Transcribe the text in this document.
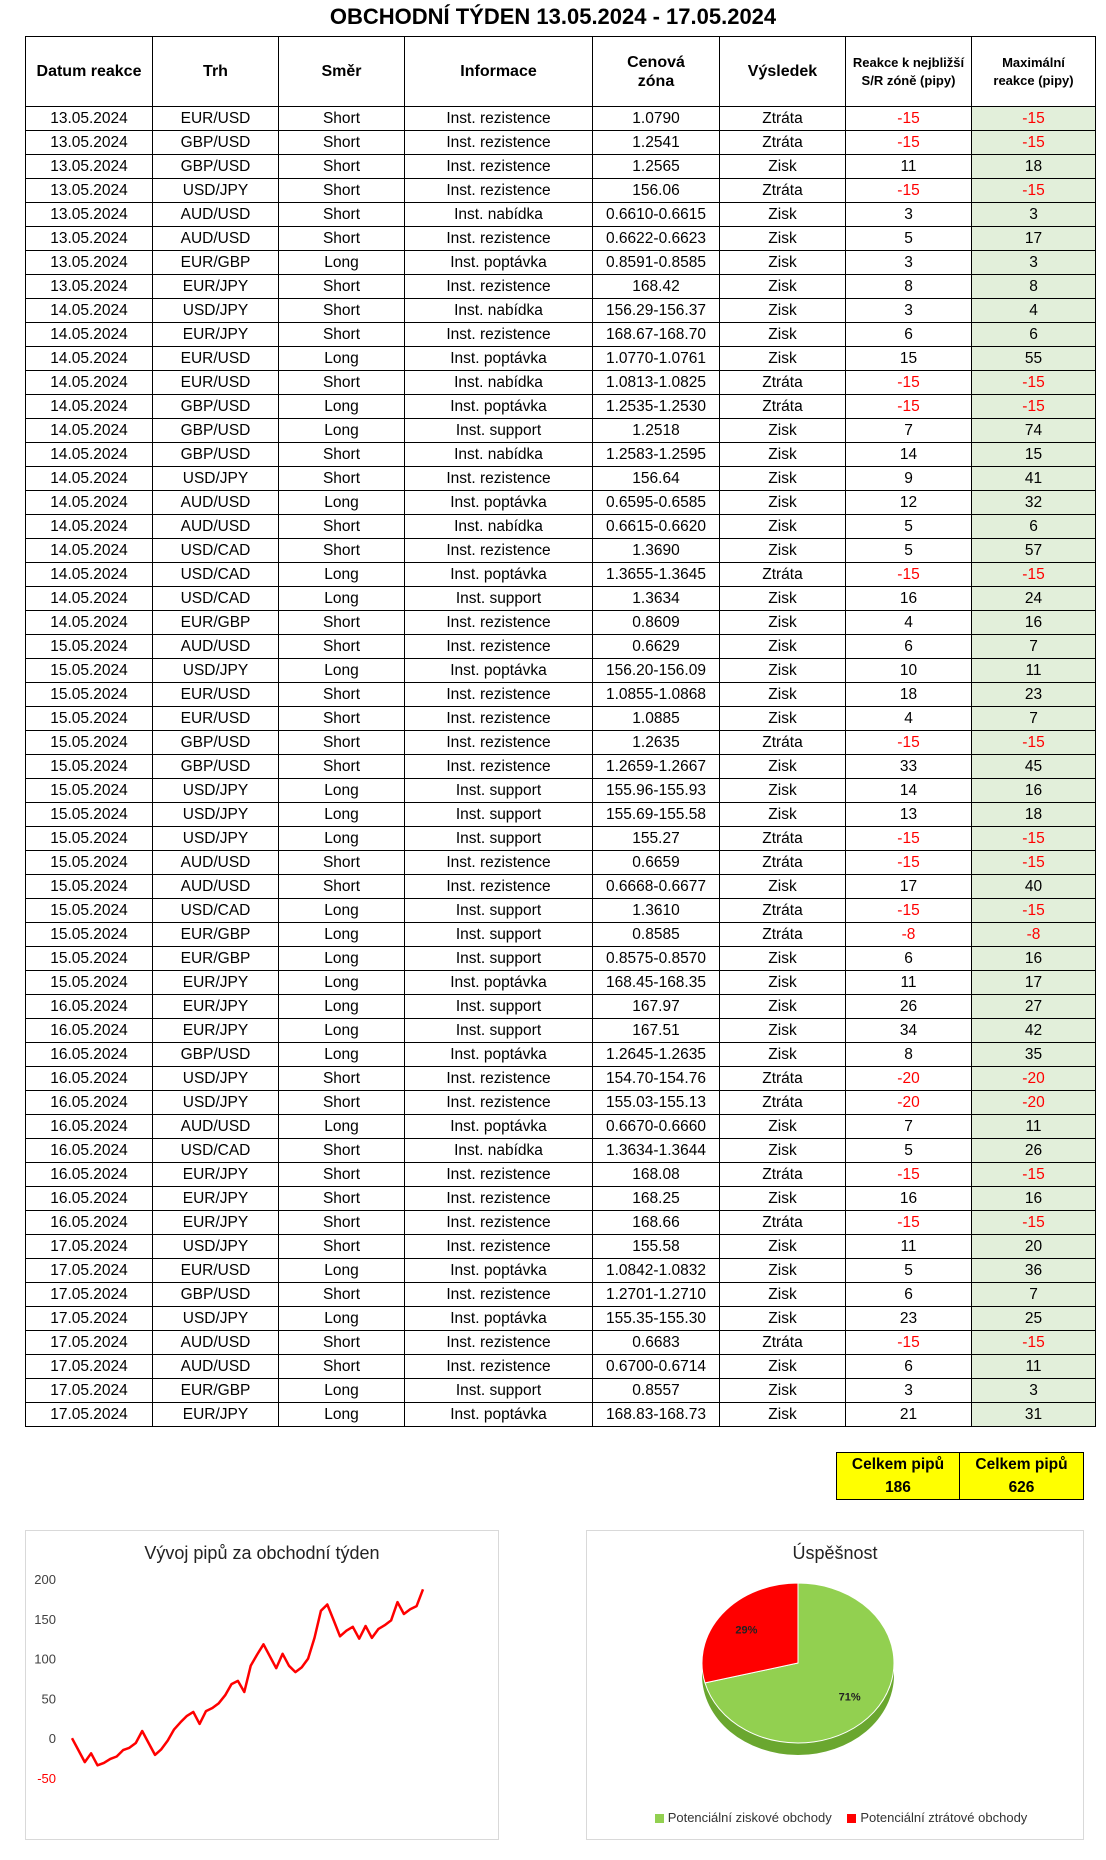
OBCHODNÍ TÝDEN 13.05.2024 - 17.05.2024
Datum reakce	Trh	Směr	Informace	Cenová zóna	Výsledek	Reakce k nejbližší S/R zóně (pipy)	Maximální reakce (pipy)
13.05.2024	EUR/USD	Short	Inst. rezistence	1.0790	Ztráta	-15	-15
13.05.2024	GBP/USD	Short	Inst. rezistence	1.2541	Ztráta	-15	-15
13.05.2024	GBP/USD	Short	Inst. rezistence	1.2565	Zisk	11	18
13.05.2024	USD/JPY	Short	Inst. rezistence	156.06	Ztráta	-15	-15
13.05.2024	AUD/USD	Short	Inst. nabídka	0.6610-0.6615	Zisk	3	3
13.05.2024	AUD/USD	Short	Inst. rezistence	0.6622-0.6623	Zisk	5	17
13.05.2024	EUR/GBP	Long	Inst. poptávka	0.8591-0.8585	Zisk	3	3
13.05.2024	EUR/JPY	Short	Inst. rezistence	168.42	Zisk	8	8
14.05.2024	USD/JPY	Short	Inst. nabídka	156.29-156.37	Zisk	3	4
14.05.2024	EUR/JPY	Short	Inst. rezistence	168.67-168.70	Zisk	6	6
14.05.2024	EUR/USD	Long	Inst. poptávka	1.0770-1.0761	Zisk	15	55
14.05.2024	EUR/USD	Short	Inst. nabídka	1.0813-1.0825	Ztráta	-15	-15
14.05.2024	GBP/USD	Long	Inst. poptávka	1.2535-1.2530	Ztráta	-15	-15
14.05.2024	GBP/USD	Long	Inst. support	1.2518	Zisk	7	74
14.05.2024	GBP/USD	Short	Inst. nabídka	1.2583-1.2595	Zisk	14	15
14.05.2024	USD/JPY	Short	Inst. rezistence	156.64	Zisk	9	41
14.05.2024	AUD/USD	Long	Inst. poptávka	0.6595-0.6585	Zisk	12	32
14.05.2024	AUD/USD	Short	Inst. nabídka	0.6615-0.6620	Zisk	5	6
14.05.2024	USD/CAD	Short	Inst. rezistence	1.3690	Zisk	5	57
14.05.2024	USD/CAD	Long	Inst. poptávka	1.3655-1.3645	Ztráta	-15	-15
14.05.2024	USD/CAD	Long	Inst. support	1.3634	Zisk	16	24
14.05.2024	EUR/GBP	Short	Inst. rezistence	0.8609	Zisk	4	16
15.05.2024	AUD/USD	Short	Inst. rezistence	0.6629	Zisk	6	7
15.05.2024	USD/JPY	Long	Inst. poptávka	156.20-156.09	Zisk	10	11
15.05.2024	EUR/USD	Short	Inst. rezistence	1.0855-1.0868	Zisk	18	23
15.05.2024	EUR/USD	Short	Inst. rezistence	1.0885	Zisk	4	7
15.05.2024	GBP/USD	Short	Inst. rezistence	1.2635	Ztráta	-15	-15
15.05.2024	GBP/USD	Short	Inst. rezistence	1.2659-1.2667	Zisk	33	45
15.05.2024	USD/JPY	Long	Inst. support	155.96-155.93	Zisk	14	16
15.05.2024	USD/JPY	Long	Inst. support	155.69-155.58	Zisk	13	18
15.05.2024	USD/JPY	Long	Inst. support	155.27	Ztráta	-15	-15
15.05.2024	AUD/USD	Short	Inst. rezistence	0.6659	Ztráta	-15	-15
15.05.2024	AUD/USD	Short	Inst. rezistence	0.6668-0.6677	Zisk	17	40
15.05.2024	USD/CAD	Long	Inst. support	1.3610	Ztráta	-15	-15
15.05.2024	EUR/GBP	Long	Inst. support	0.8585	Ztráta	-8	-8
15.05.2024	EUR/GBP	Long	Inst. support	0.8575-0.8570	Zisk	6	16
15.05.2024	EUR/JPY	Long	Inst. poptávka	168.45-168.35	Zisk	11	17
16.05.2024	EUR/JPY	Long	Inst. support	167.97	Zisk	26	27
16.05.2024	EUR/JPY	Long	Inst. support	167.51	Zisk	34	42
16.05.2024	GBP/USD	Long	Inst. poptávka	1.2645-1.2635	Zisk	8	35
16.05.2024	USD/JPY	Short	Inst. rezistence	154.70-154.76	Ztráta	-20	-20
16.05.2024	USD/JPY	Short	Inst. rezistence	155.03-155.13	Ztráta	-20	-20
16.05.2024	AUD/USD	Long	Inst. poptávka	0.6670-0.6660	Zisk	7	11
16.05.2024	USD/CAD	Short	Inst. nabídka	1.3634-1.3644	Zisk	5	26
16.05.2024	EUR/JPY	Short	Inst. rezistence	168.08	Ztráta	-15	-15
16.05.2024	EUR/JPY	Short	Inst. rezistence	168.25	Zisk	16	16
16.05.2024	EUR/JPY	Short	Inst. rezistence	168.66	Ztráta	-15	-15
17.05.2024	USD/JPY	Short	Inst. rezistence	155.58	Zisk	11	20
17.05.2024	EUR/USD	Long	Inst. poptávka	1.0842-1.0832	Zisk	5	36
17.05.2024	GBP/USD	Short	Inst. rezistence	1.2701-1.2710	Zisk	6	7
17.05.2024	USD/JPY	Long	Inst. poptávka	155.35-155.30	Zisk	23	25
17.05.2024	AUD/USD	Short	Inst. rezistence	0.6683	Ztráta	-15	-15
17.05.2024	AUD/USD	Short	Inst. rezistence	0.6700-0.6714	Zisk	6	11
17.05.2024	EUR/GBP	Long	Inst. support	0.8557	Zisk	3	3
17.05.2024	EUR/JPY	Long	Inst. poptávka	168.83-168.73	Zisk	21	31
Celkem pipů
186
Celkem pipů
626
Vývoj pipů za obchodní týden
200
150
100
50
0
-50
Úspěšnost
71%
29%
Potenciální ziskové obchody Potenciální ztrátové obchody
